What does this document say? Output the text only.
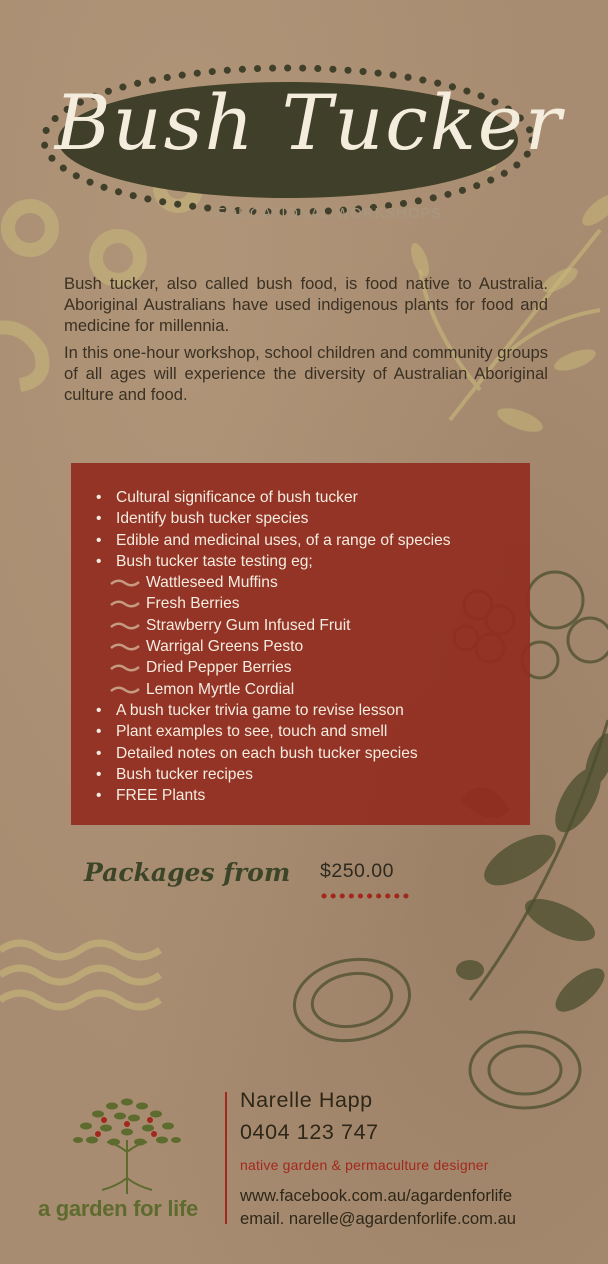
Bush Tucker
EDUCATIONAL WORKSHOPS

Bush tucker, also called bush food, is food native to Australia. Aboriginal Australians have used indigenous plants for food and medicine for millennia.

In this one-hour workshop, school children and community groups of all ages will experience the diversity of Australian Aboriginal culture and food.

• Cultural significance of bush tucker
• Identify bush tucker species
• Edible and medicinal uses, of a range of species
• Bush tucker taste testing eg;
Wattleseed Muffins
Fresh Berries
Strawberry Gum Infused Fruit
Warrigal Greens Pesto
Dried Pepper Berries
Lemon Myrtle Cordial
• A bush tucker trivia game to revise lesson
• Plant examples to see, touch and smell
• Detailed notes on each bush tucker species
• Bush tucker recipes
• FREE Plants
Packages from $250.00
a garden for life
Narelle Happ
0404 123 747
native garden & permaculture designer
www.facebook.com.au/agardenforlife
email. narelle@agardenforlife.com.au
